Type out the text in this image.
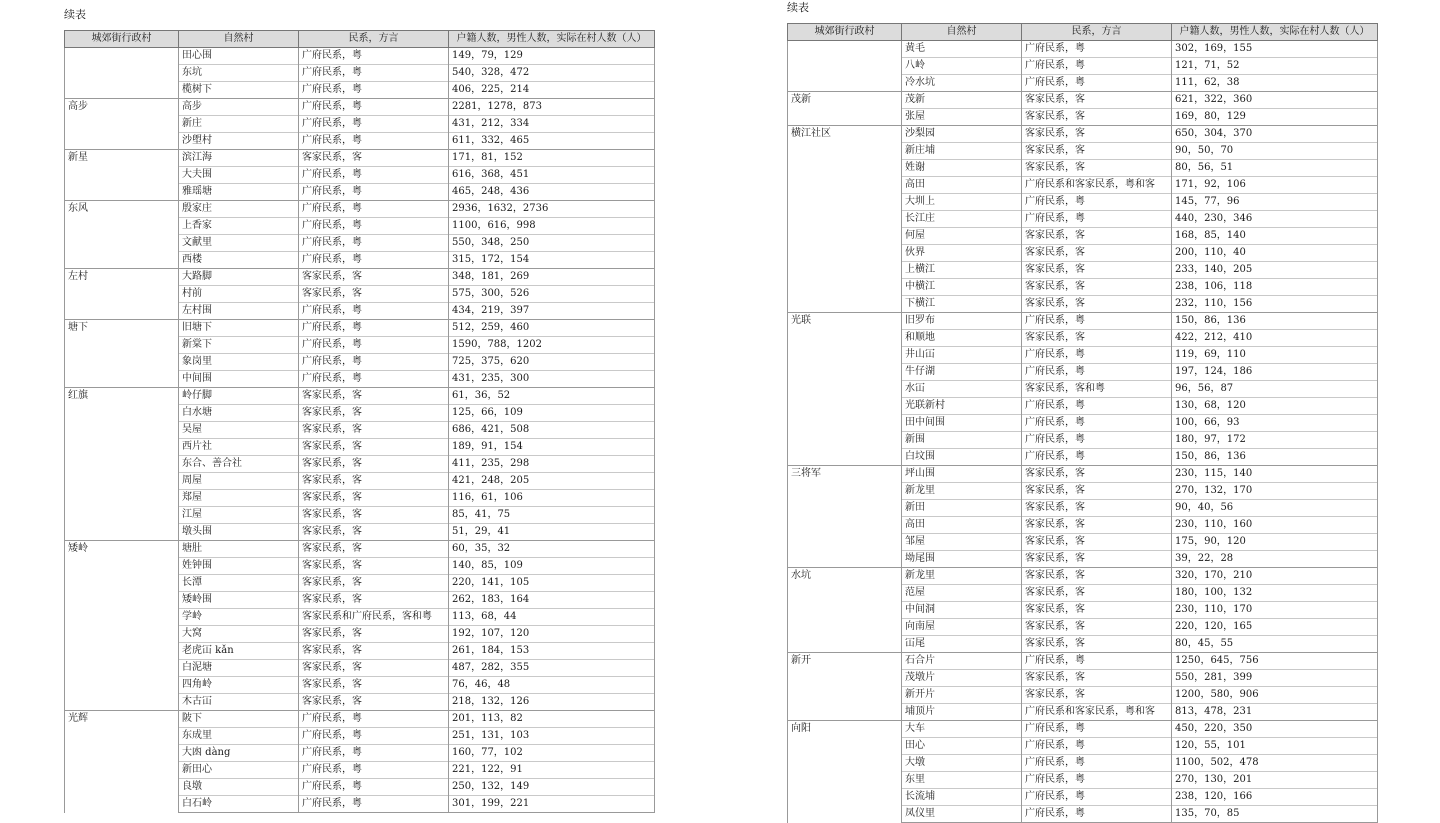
续表
城郊街行政村	自然村	民系，方言	户籍人数，男性人数，实际在村人数（人）
	田心围	广府民系，粤	149，79，129
	东坑	广府民系，粤	540，328，472
	榄树下	广府民系，粤	406，225，214
高步	高步	广府民系，粤	2281，1278，873
	新庄	广府民系，粤	431，212，334
	沙塱村	广府民系，粤	611，332，465
新星	滨江海	客家民系，客	171，81，152
	大夫围	广府民系，粤	616，368，451
	雅瑶塘	广府民系，粤	465，248，436
东风	殷家庄	广府民系，粤	2936，1632，2736
	上香家	广府民系，粤	1100，616，998
	文献里	广府民系，粤	550，348，250
	西楼	广府民系，粤	315，172，154
左村	大路脚	客家民系，客	348，181，269
	村前	客家民系，客	575，300，526
	左村围	广府民系，粤	434，219，397
塘下	旧塘下	广府民系，粤	512，259，460
	新棠下	广府民系，粤	1590，788，1202
	象岗里	广府民系，粤	725，375，620
	中间围	广府民系，粤	431，235，300
红旗	岭仔脚	客家民系，客	61，36，52
	白水塘	客家民系，客	125，66，109
	吴屋	客家民系，客	686，421，508
	西片社	客家民系，客	189，91，154
	东合、善合社	客家民系，客	411，235，298
	周屋	客家民系，客	421，248，205
	郑屋	客家民系，客	116，61，106
	江屋	客家民系，客	85，41，75
	墩头围	客家民系，客	51，29，41
矮岭	塘肚	客家民系，客	60，35，32
	姓钟围	客家民系，客	140，85，109
	长潭	客家民系，客	220，141，105
	矮岭围	客家民系，客	262，183，164
	学岭	客家民系和广府民系，客和粤	113，68，44
	大窝	客家民系，客	192，107，120
	老虎冚 kǎn	客家民系，客	261，184，153
	白泥塘	客家民系，客	487，282，355
	四角岭	客家民系，客	76，46，48
	木古冚	客家民系，客	218，132，126
光辉	陂下	广府民系，粤	201，113，82
	东成里	广府民系，粤	251，131，103
	大凼 dàng	广府民系，粤	160，77，102
	新田心	广府民系，粤	221，122，91
	良墩	广府民系，粤	250，132，149
	白石岭	广府民系，粤	301，199，221
续表
城郊街行政村	自然村	民系，方言	户籍人数，男性人数，实际在村人数（人）
	黄毛	广府民系，粤	302，169，155
	八岭	广府民系，粤	121，71，52
	冷水坑	广府民系，粤	111，62，38
茂新	茂新	客家民系，客	621，322，360
	张屋	客家民系，客	169，80，129
横江社区	沙梨园	客家民系，客	650，304，370
	新庄埔	客家民系，客	90，50，70
	姓谢	客家民系，客	80，56，51
	高田	广府民系和客家民系，粤和客	171，92，106
	大圳上	广府民系，粤	145，77，96
	长江庄	广府民系，粤	440，230，346
	何屋	客家民系，客	168，85，140
	伙界	客家民系，客	200，110，40
	上横江	客家民系，客	233，140，205
	中横江	客家民系，客	238，106，118
	下横江	客家民系，客	232，110，156
光联	旧罗布	广府民系，粤	150，86，136
	和顺地	客家民系，客	422，212，410
	井山冚	广府民系，粤	119，69，110
	牛仔湖	广府民系，粤	197，124，186
	水冚	客家民系，客和粤	96，56，87
	光联新村	广府民系，粤	130，68，120
	田中间围	广府民系，粤	100，66，93
	新围	广府民系，粤	180，97，172
	白坟围	广府民系，粤	150，86，136
三将军	坪山围	客家民系，客	230，115，140
	新龙里	客家民系，客	270，132，170
	新田	客家民系，客	90，40，56
	高田	客家民系，客	230，110，160
	邹屋	客家民系，客	175，90，120
	坳尾围	客家民系，客	39，22，28
水坑	新龙里	客家民系，客	320，170，210
	范屋	客家民系，客	180，100，132
	中间洞	客家民系，客	230，110，170
	向南屋	客家民系，客	220，120，165
	冚尾	客家民系，客	80，45，55
新开	石合片	广府民系，粤	1250，645，756
	茂墩片	客家民系，客	550，281，399
	新开片	客家民系，客	1200，580，906
	埔顶片	广府民系和客家民系，粤和客	813，478，231
向阳	大车	广府民系，粤	450，220，350
	田心	广府民系，粤	120，55，101
	大墩	广府民系，粤	1100，502，478
	东里	广府民系，粤	270，130，201
	长流埔	广府民系，粤	238，120，166
	凤仪里	广府民系，粤	135，70，85
